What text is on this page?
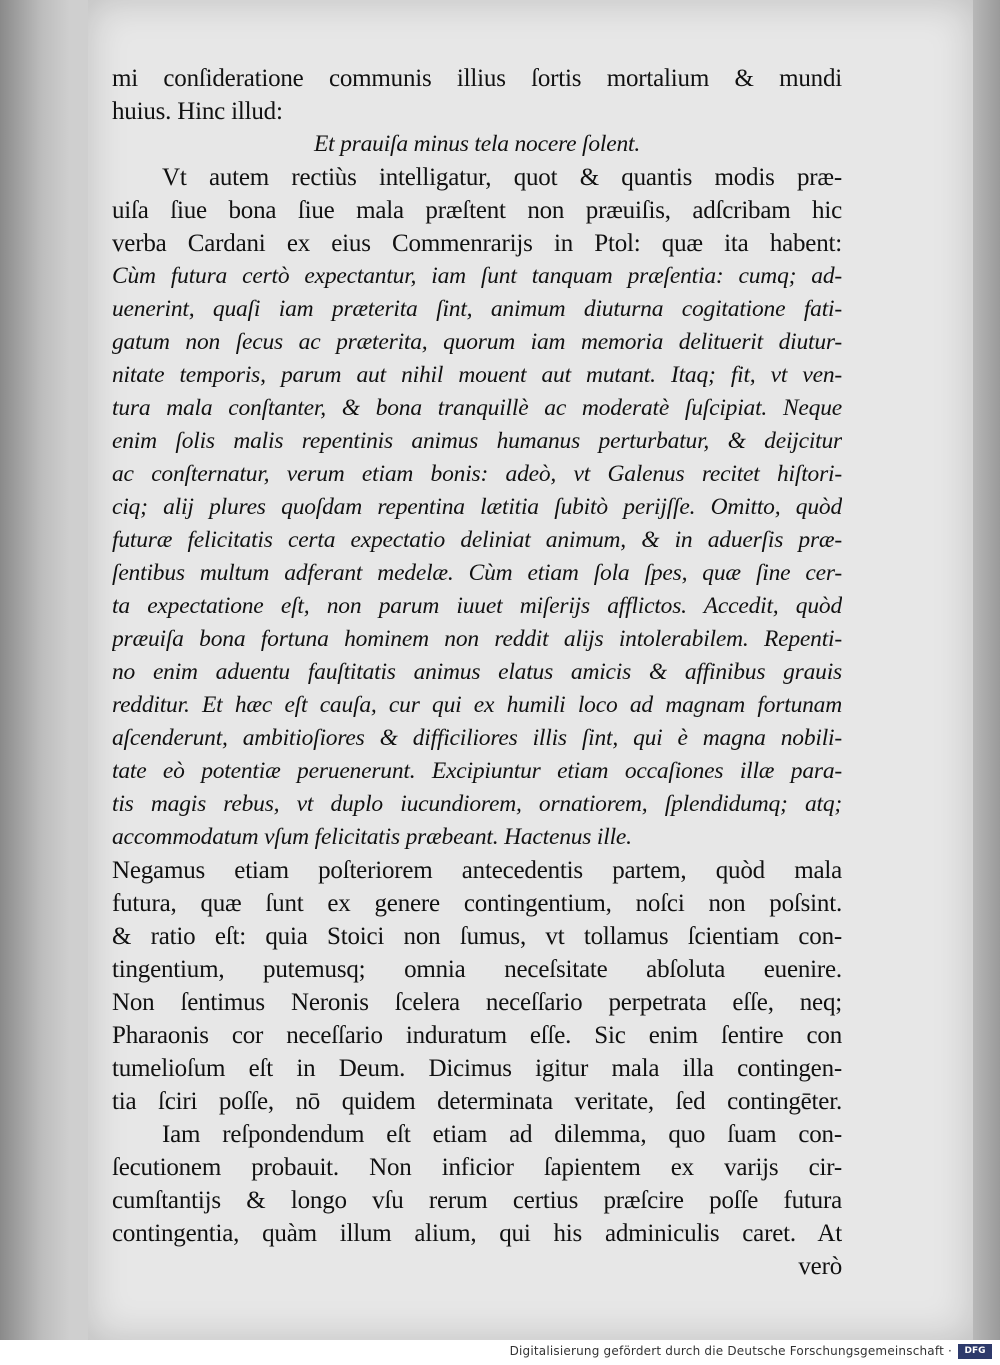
mi conſideratione communis illius ſortis mortalium & mundi
huius. Hinc illud:
Et prauiſa minus tela nocere ſolent.
Vt autem rectiùs intelligatur, quot & quantis modis præ-
uiſa ſiue bona ſiue mala præſtent non præuiſis, adſcribam hic
verba Cardani ex eius Commenrarijs in Ptol: quæ ita habent:
Cùm futura certò expectantur, iam ſunt tanquam præſentia: cumq; ad-
uenerint, quaſi iam præterita ſint, animum diuturna cogitatione fati-
gatum non ſecus ac præterita, quorum iam memoria delituerit diutur-
nitate temporis, parum aut nihil mouent aut mutant. Itaq; fit, vt ven-
tura mala conſtanter, & bona tranquillè ac moderatè ſuſcipiat. Neque
enim ſolis malis repentinis animus humanus perturbatur, & deijcitur
ac conſternatur, verum etiam bonis: adeò, vt Galenus recitet hiſtori-
ciq; alij plures quoſdam repentina lætitia ſubitò perijſſe. Omitto, quòd
futuræ felicitatis certa expectatio deliniat animum, & in aduerſis præ-
ſentibus multum adferant medelæ. Cùm etiam ſola ſpes, quæ ſine cer-
ta expectatione eſt, non parum iuuet miſerijs afflictos. Accedit, quòd
præuiſa bona fortuna hominem non reddit alijs intolerabilem. Repenti-
no enim aduentu fauſtitatis animus elatus amicis & affinibus grauis
redditur. Et hæc eſt cauſa, cur qui ex humili loco ad magnam fortunam
aſcenderunt, ambitioſiores & difficiliores illis ſint, qui è magna nobili-
tate eò potentiæ peruenerunt. Excipiuntur etiam occaſiones illæ para-
tis magis rebus, vt duplo iucundiorem, ornatiorem, ſplendidumq; atq;
accommodatum vſum felicitatis præbeant. Hactenus ille.
Negamus etiam poſteriorem antecedentis partem, quòd mala
futura, quæ ſunt ex genere contingentium, noſci non poſsint.
& ratio eſt: quia Stoici non ſumus, vt tollamus ſcientiam con-
tingentium, putemusq; omnia neceſsitate abſoluta euenire.
Non ſentimus Neronis ſcelera neceſſario perpetrata eſſe, neq;
Pharaonis cor neceſſario induratum eſſe. Sic enim ſentire con
tumelioſum eſt in Deum. Dicimus igitur mala illa contingen-
tia ſciri poſſe, nō quidem determinata veritate, ſed contingēter.
Iam reſpondendum eſt etiam ad dilemma, quo ſuam con-
ſecutionem probauit. Non inficior ſapientem ex varijs cir-
cumſtantijs & longo vſu rerum certius præſcire poſſe futura
contingentia, quàm illum alium, qui his adminiculis caret. At
verò
Digitalisierung gefördert durch die Deutsche Forschungsgemeinschaft ·	DFG
